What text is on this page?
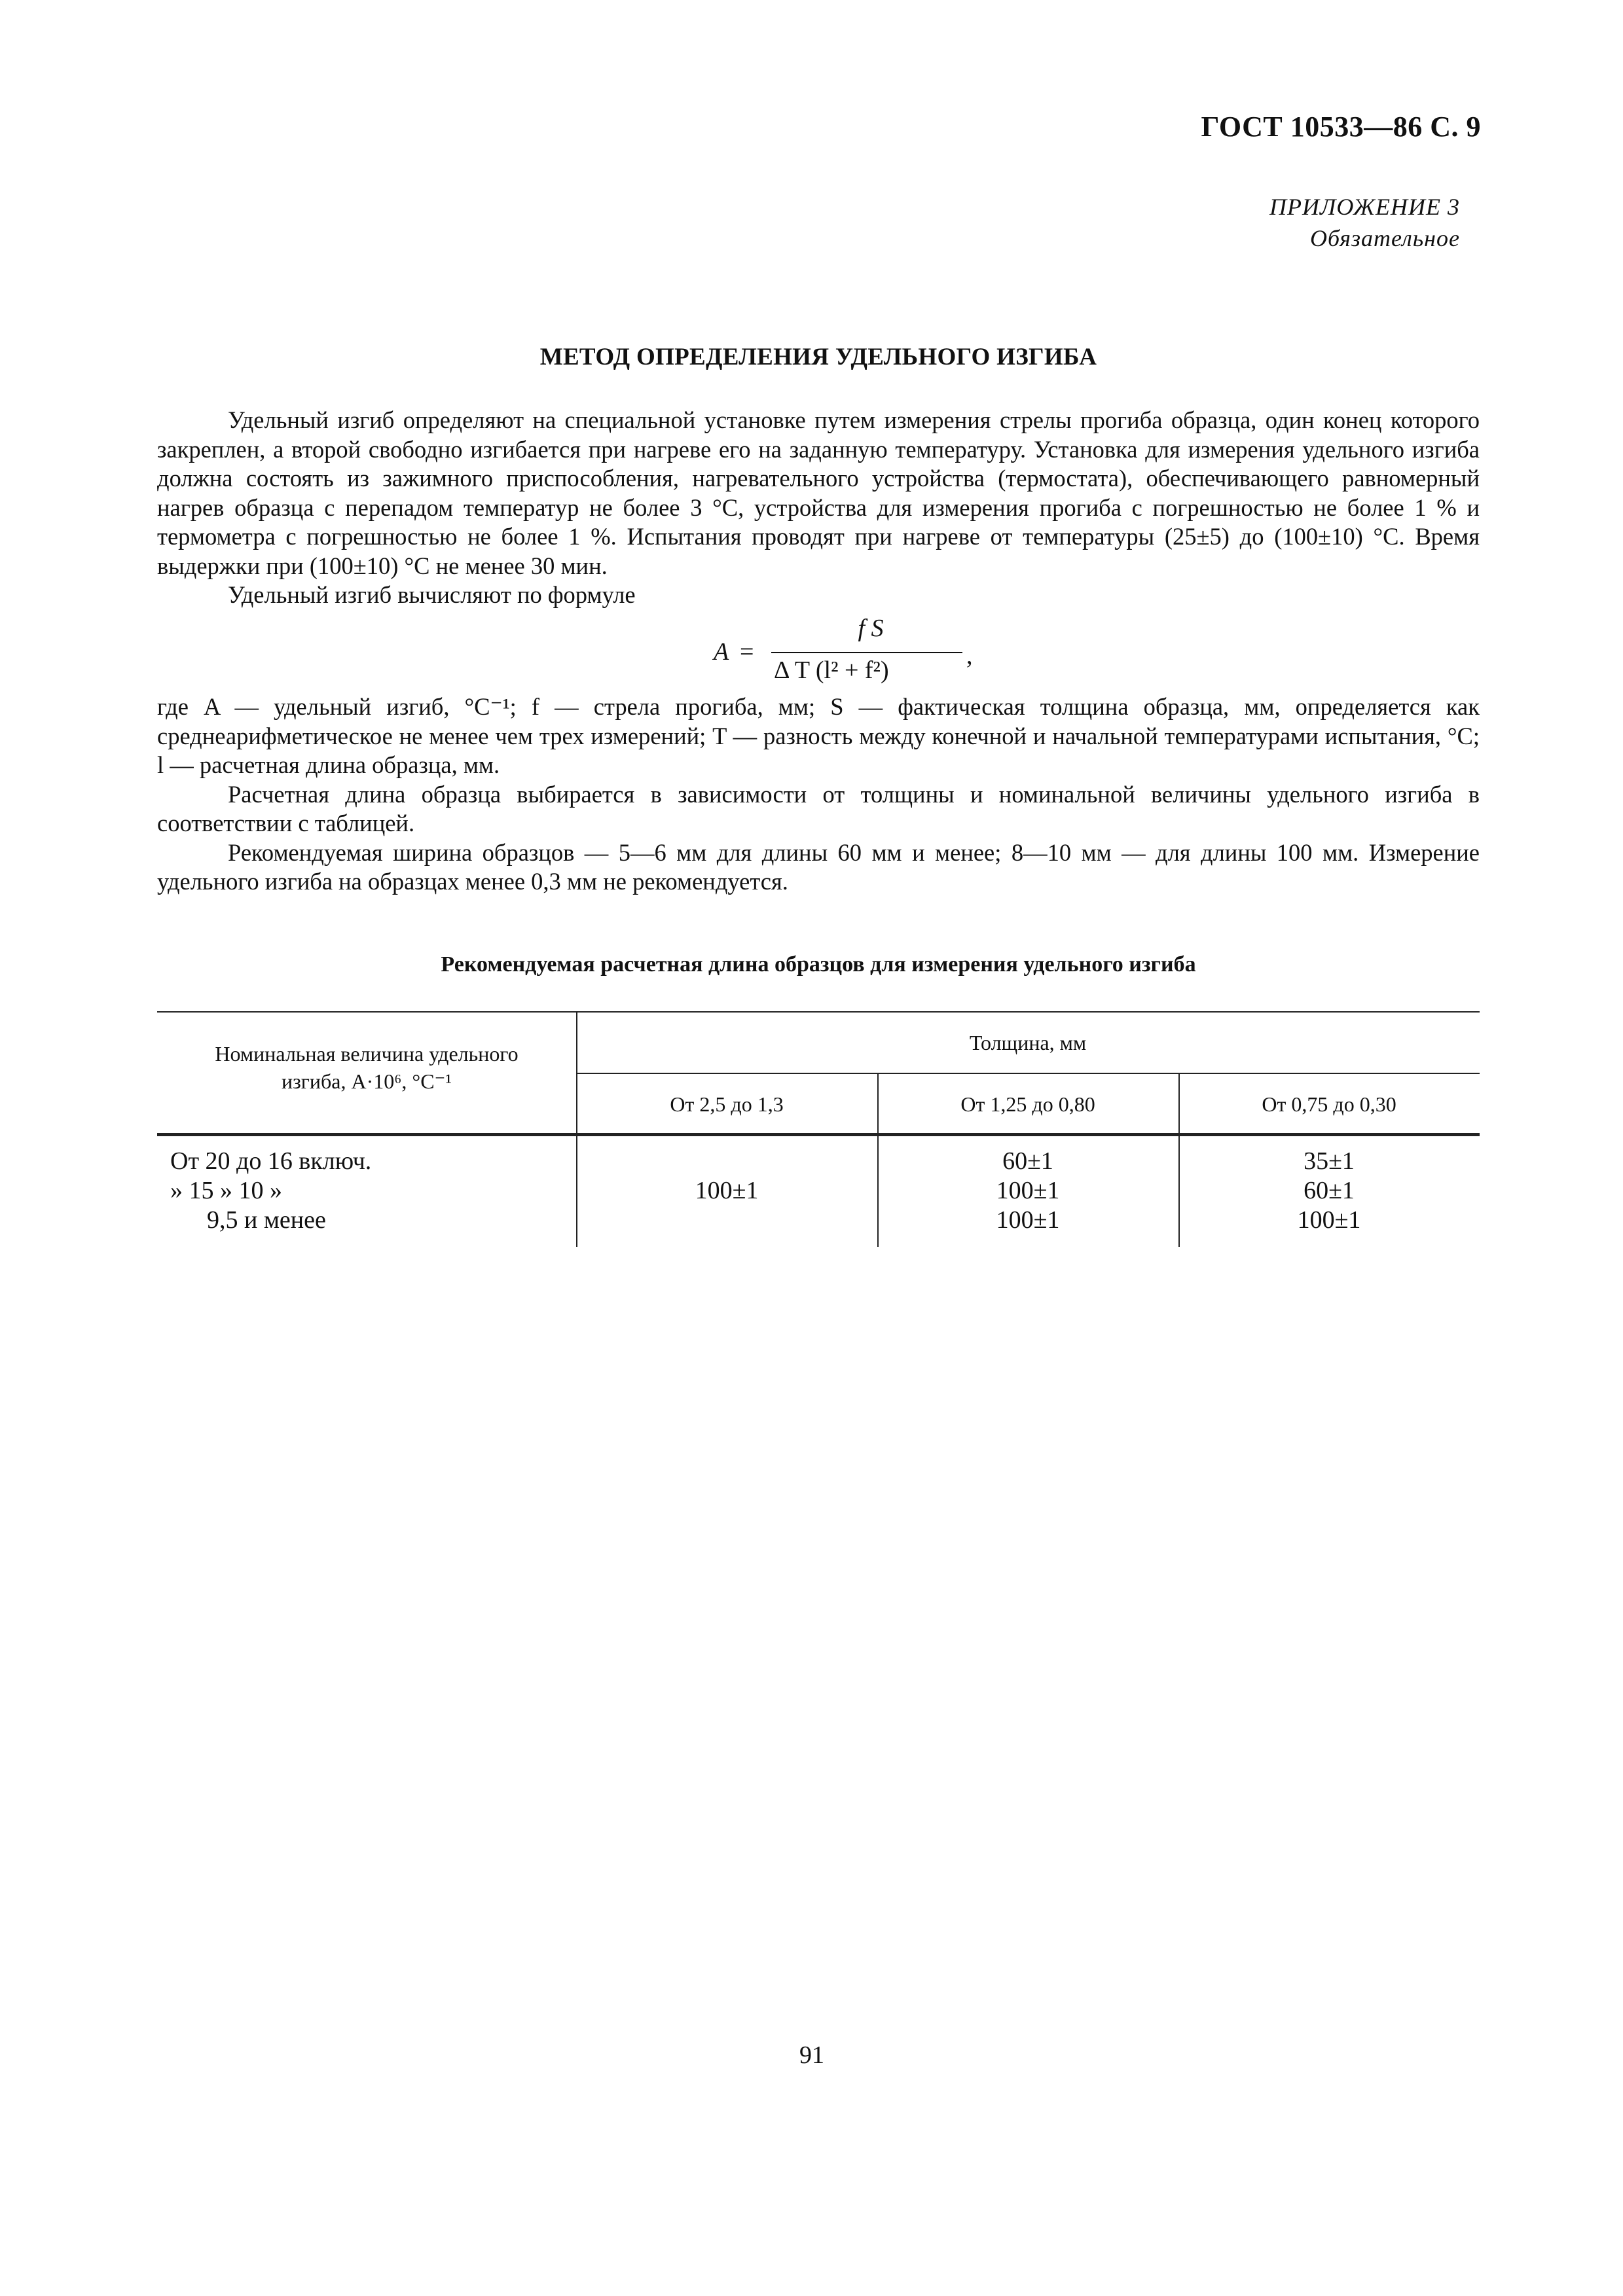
ГОСТ 10533—86 С. 9
ПРИЛОЖЕНИЕ 3
Обязательное
МЕТОД ОПРЕДЕЛЕНИЯ УДЕЛЬНОГО ИЗГИБА

Удельный изгиб определяют на специальной установке путем измерения стрелы прогиба образца, один конец которого закреплен, а второй свободно изгибается при нагреве его на заданную температуру. Установка для измерения удельного изгиба должна состоять из зажимного приспособления, нагревательного устройства (термостата), обеспечивающего равномерный нагрев образца с перепадом температур не более 3 °С, устройства для измерения прогиба с погрешностью не более 1 % и термометра с погрешностью не более 1 %. Испытания проводят при нагреве от температуры (25±5) до (100±10) °С. Время выдержки при (100±10) °С не менее 30 мин.

Удельный изгиб вычисляют по формуле

A =
f S
Δ T (l² + f²)
,

где A — удельный изгиб, °С⁻¹; f — стрела прогиба, мм; S — фактическая толщина образца, мм, определяется как среднеарифметическое не менее чем трех измерений; T — разность между конечной и начальной температурами испытания, °С; l — расчетная длина образца, мм.

Расчетная длина образца выбирается в зависимости от толщины и номинальной величины удельного изгиба в соответствии с таблицей.

Рекомендуемая ширина образцов — 5—6 мм для длины 60 мм и менее; 8—10 мм — для длины 100 мм. Измерение удельного изгиба на образцах менее 0,3 мм не рекомендуется.

Рекомендуемая расчетная длина образцов для измерения удельного изгиба
Номинальная величина удельного
изгиба, A·10⁶, °С⁻¹
Толщина, мм
От 2,5 до 1,3	От 1,25 до 0,80	От 0,75 до 0,30
От 20 до 16 включ.
» 15 » 10 »
9,5 и менее
100±1
60±1
100±1
100±1
35±1
60±1
100±1
91
